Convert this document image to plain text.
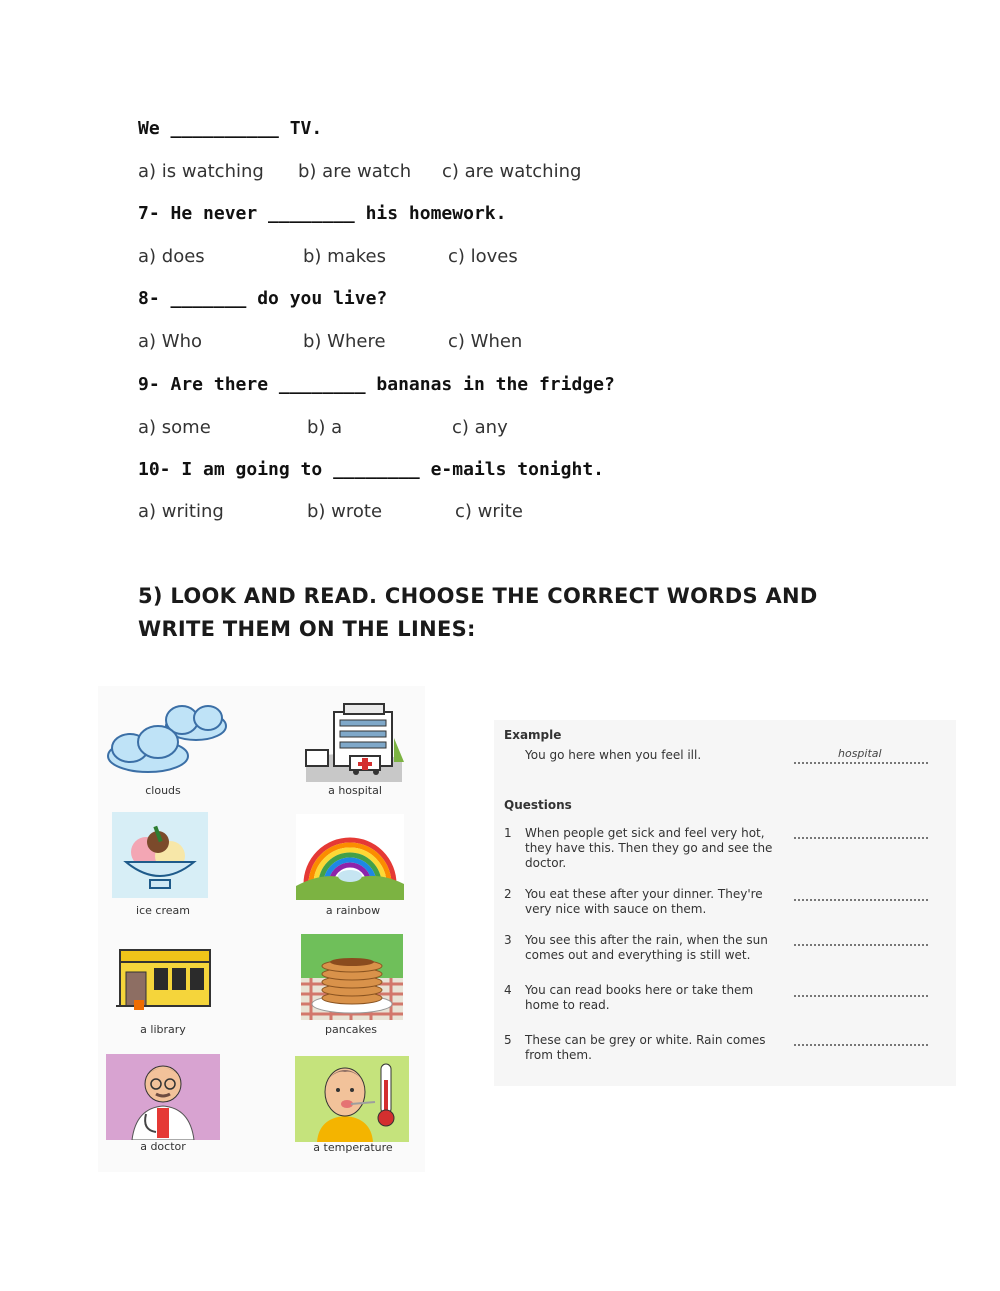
We __________ TV.
a) is watching b) are watch c) are watching
7- He never ________ his homework.
a) does	b) makes	c) loves
8- _______ do you live?
a) Who	b) Where	c) When
9- Are there ________ bananas in the fridge?
a) some	b) a	c) any
10- I am going to ________ e-mails tonight.
a) writing	b) wrote	c) write
5) LOOK AND READ. CHOOSE THE CORRECT WORDS AND WRITE THEM ON THE LINES:
clouds	a hospital
ice cream	a rainbow
a library	pancakes
a doctor	a temperature
Example
You go here when you feel ill.	hospital
Questions
1 When people get sick and feel very hot, they have this. Then they go and see the doctor.
2 You eat these after your dinner. They're very nice with sauce on them.
3 You see this after the rain, when the sun comes out and everything is still wet.
4 You can read books here or take them home to read.
5 These can be grey or white. Rain comes from them.
